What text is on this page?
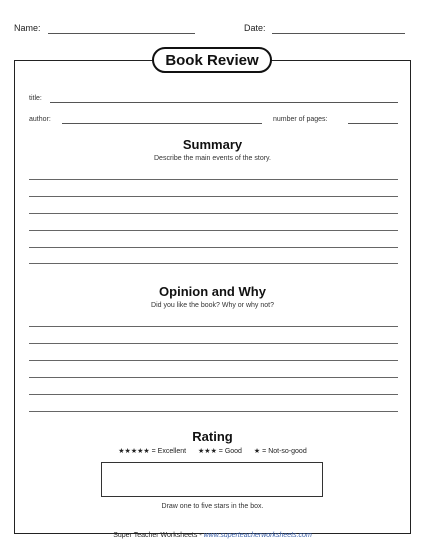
Name:	Date:
Book Review
title:
author:	number of pages:
Summary
Describe the main events of the story.
Opinion and Why
Did you like the book? Why or why not?
Rating
★★★★★ = Excellent ★★★ = Good ★ = Not-so-good
Draw one to five stars in the box.
Super Teacher Worksheets - www.superteacherworksheets.com
